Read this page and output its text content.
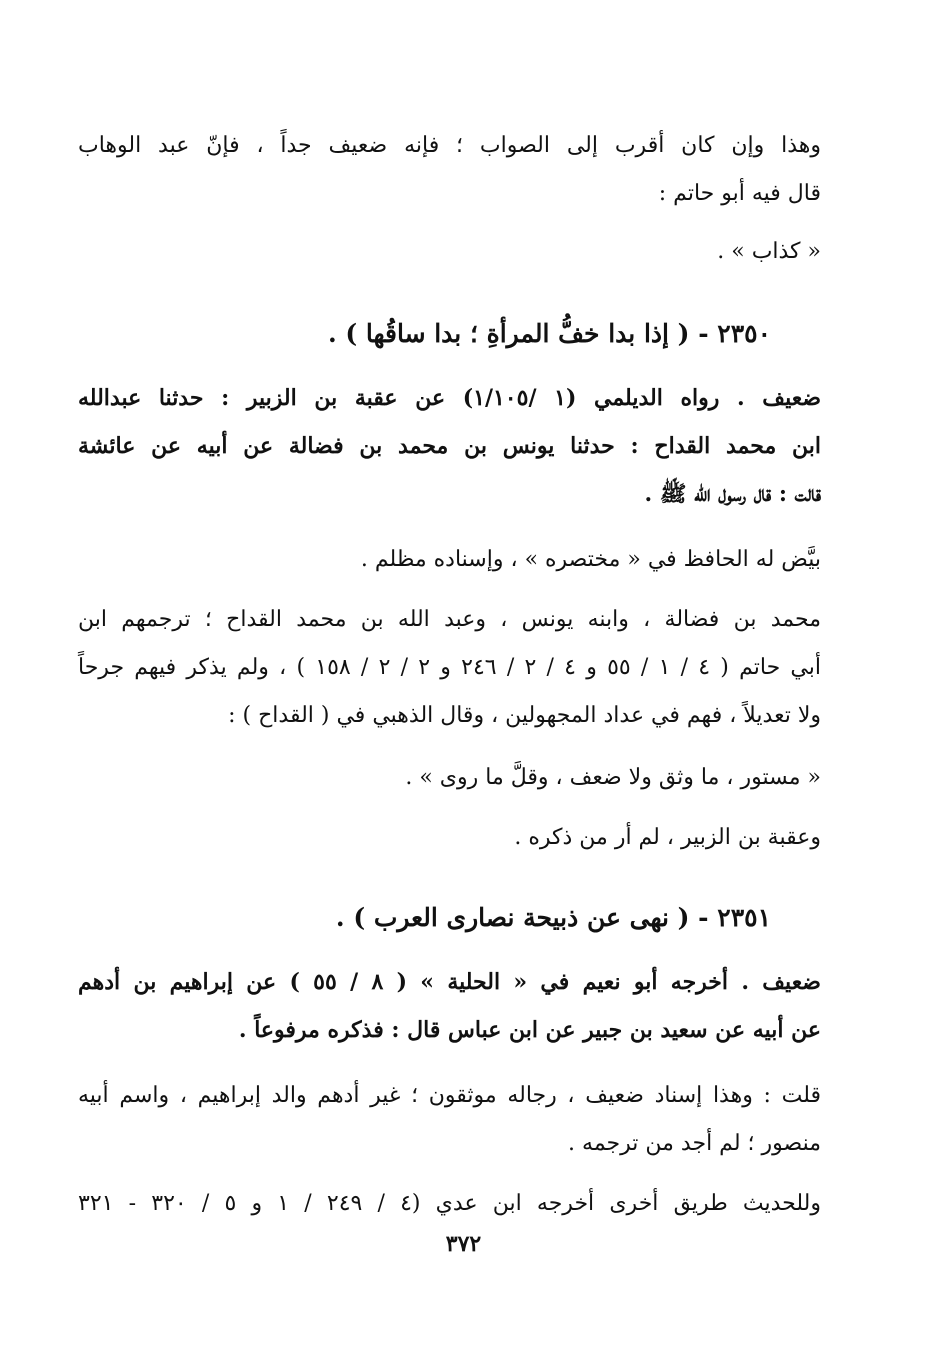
وهذا وإن كان أقرب إلى الصواب ؛ فإنه ضعيف جداً ، فإنّ عبد الوهاب
قال فيه أبو حاتم :
« كذاب » .
٢٣٥٠ - ( إذا بدا خفُّ المرأةِ ؛ بدا ساقُها ) .
ضعيف . رواه الديلمي (١ /١/١٠٥) عن عقبة بن الزبير : حدثنا عبدالله
ابن محمد القداح : حدثنا يونس بن محمد بن فضالة عن أبيه عن عائشة
قالت : قال رسول الله ﷺ .
بيَّض له الحافظ في « مختصره » ، وإسناده مظلم .
محمد بن فضالة ، وابنه يونس ، وعبد الله بن محمد القداح ؛ ترجمهم ابن
أبي حاتم ( ٤ / ١ / ٥٥ و ٤ / ٢ / ٢٤٦ و ٢ / ٢ / ١٥٨ ) ، ولم يذكر فيهم جرحاً
ولا تعديلاً ، فهم في عداد المجهولين ، وقال الذهبي في ( القداح ) :
« مستور ، ما وثق ولا ضعف ، وقلَّ ما روى » .
وعقبة بن الزبير ، لم أر من ذكره .
٢٣٥١ - ( نهى عن ذبيحة نصارى العرب ) .
ضعيف . أخرجه أبو نعيم في « الحلية » ( ٨ / ٥٥ ) عن إبراهيم بن أدهم
عن أبيه عن سعيد بن جبير عن ابن عباس قال : فذكره مرفوعاً .
قلت : وهذا إسناد ضعيف ، رجاله موثقون ؛ غير أدهم والد إبراهيم ، واسم أبيه
منصور ؛ لم أجد من ترجمه .
وللحديث طريق أخرى أخرجه ابن عدي (٤ / ٢٤٩ / ١ و ٥ / ٣٢٠ - ٣٢١
٣٧٢
